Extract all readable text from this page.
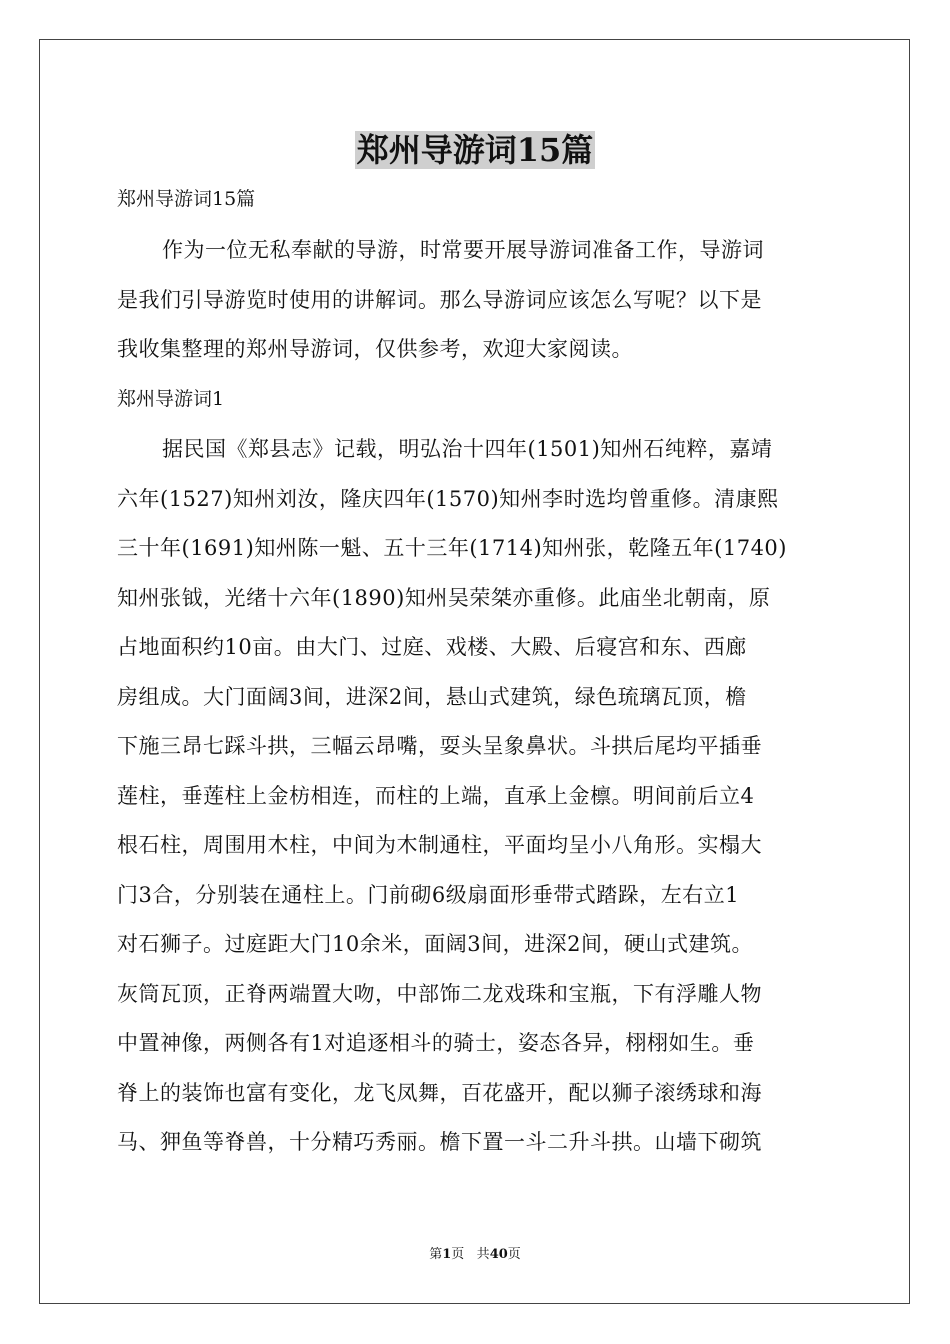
郑州导游词15篇
郑州导游词15篇
作为一位无私奉献的导游，时常要开展导游词准备工作，导游词
是我们引导游览时使用的讲解词。那么导游词应该怎么写呢？以下是
我收集整理的郑州导游词，仅供参考，欢迎大家阅读。
郑州导游词1
据民国《郑县志》记载，明弘治十四年(1501)知州石纯粹，嘉靖
六年(1527)知州刘汝，隆庆四年(1570)知州李时选均曾重修。清康熙
三十年(1691)知州陈一魁、五十三年(1714)知州张，乾隆五年(1740)
知州张钺，光绪十六年(1890)知州吴荣桀亦重修。此庙坐北朝南，原
占地面积约10亩。由大门、过庭、戏楼、大殿、后寝宫和东、西廊
房组成。大门面阔3间，进深2间，悬山式建筑，绿色琉璃瓦顶，檐
下施三昂七踩斗拱，三幅云昂嘴，耍头呈象鼻状。斗拱后尾均平插垂
莲柱，垂莲柱上金枋相连，而柱的上端，直承上金檩。明间前后立4
根石柱，周围用木柱，中间为木制通柱，平面均呈小八角形。实榻大
门3合，分别装在通柱上。门前砌6级扇面形垂带式踏跺，左右立1
对石狮子。过庭距大门10余米，面阔3间，进深2间，硬山式建筑。
灰筒瓦顶，正脊两端置大吻，中部饰二龙戏珠和宝瓶，下有浮雕人物
中置神像，两侧各有1对追逐相斗的骑士，姿态各异，栩栩如生。垂
脊上的装饰也富有变化，龙飞凤舞，百花盛开，配以狮子滚绣球和海
马、狎鱼等脊兽，十分精巧秀丽。檐下置一斗二升斗拱。山墙下砌筑
第1页 共40页
